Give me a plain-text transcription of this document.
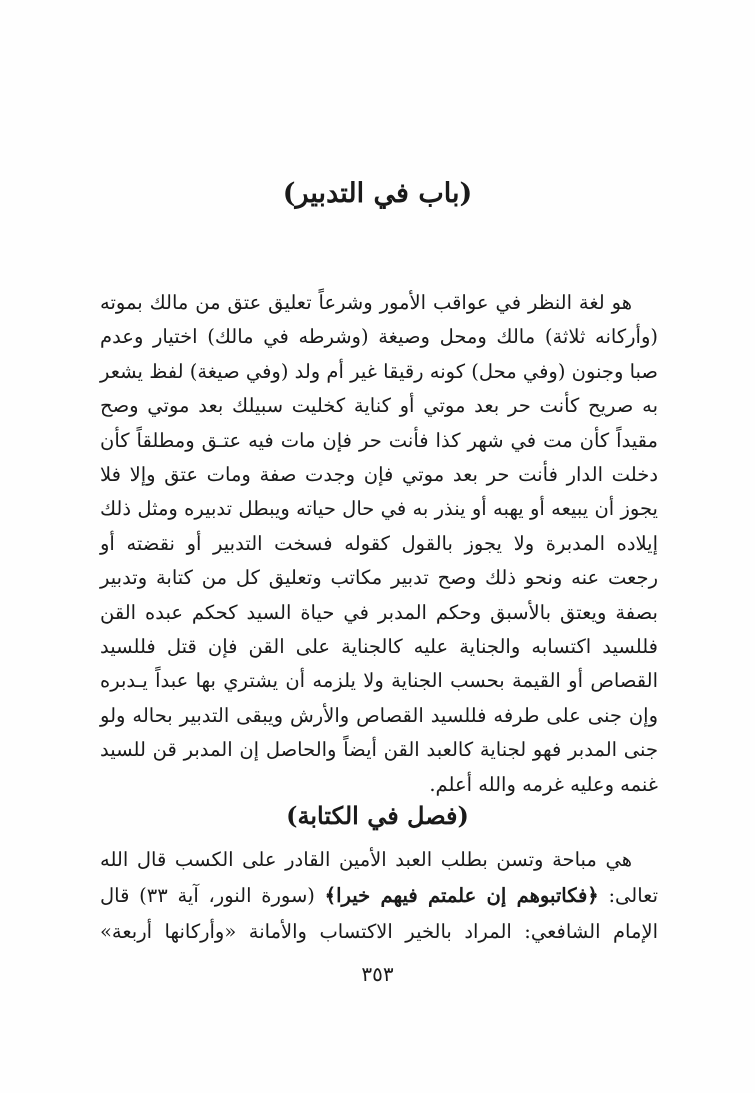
(باب في التدبير)

هو لغة النظر في عواقب الأمور وشرعاً تعليق عتق من مالك بموته (وأركانه ثلاثة) مالك ومحل وصيغة (وشرطه في مالك) اختيار وعدم صبا وجنون (وفي محل) كونه رقيقا غير أم ولد (وفي صيغة) لفظ يشعر به صريح كأنت حر بعد موتي أو كناية كخليت سبيلك بعد موتي وصح مقيداً كأن مت في شهر كذا فأنت حر فإن مات فيه عتـق ومطلقاً كأن دخلت الدار فأنت حر بعد موتي فإن وجدت صفة ومات عتق وإلا فلا يجوز أن يبيعه أو يهبه أو ينذر به في حال حياته ويبطل تدبيره ومثل ذلك إيلاده المدبرة ولا يجوز بالقول كقوله فسخت التدبير أو نقضته أو رجعت عنه ونحو ذلك وصح تدبير مكاتب وتعليق كل من كتابة وتدبير بصفة ويعتق بالأسبق وحكم المدبر في حياة السيد كحكم عبده القن فللسيد اكتسابه والجناية عليه كالجناية على القن فإن قتل فللسيد القصاص أو القيمة بحسب الجناية ولا يلزمه أن يشتري بها عبداً يـدبره وإن جنى على طرفه فللسيد القصاص والأرش ويبقى التدبير بحاله ولو جنى المدبر فهو لجناية كالعبد القن أيضاً والحاصل إن المدبر قن للسيد غنمه وعليه غرمه والله أعلم.

(فصل في الكتابة)

هي مباحة وتسن بطلب العبد الأمين القادر على الكسب قال الله تعالى: ﴿فكاتبوهم إن علمتم فيهم خيرا﴾ (سورة النور، آية ٣٣) قال الإمام الشافعي: المراد بالخير الاكتساب والأمانة «وأركانها أربعة»

٣٥٣
